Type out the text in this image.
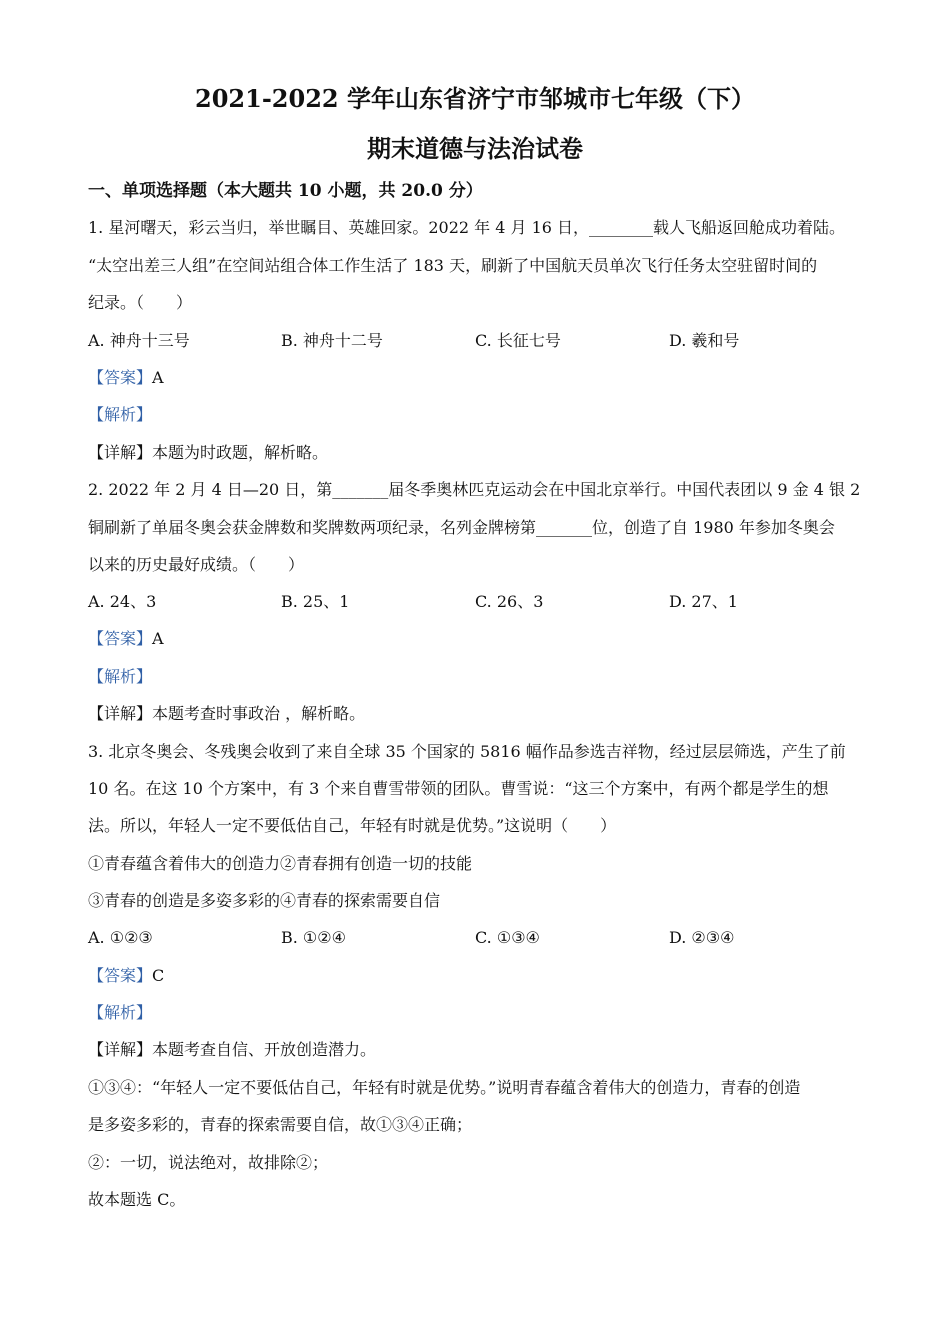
2021-2022 学年山东省济宁市邹城市七年级（下）
期末道德与法治试卷
一、单项选择题（本大题共 10 小题，共 20.0 分）
1. 星河曙天，彩云当归，举世瞩目、英雄回家。2022 年 4 月 16 日，________载人飞船返回舱成功着陆。
“太空出差三人组”在空间站组合体工作生活了 183 天，刷新了中国航天员单次飞行任务太空驻留时间的
纪录。（　　）
A. 神舟十三号	B. 神舟十二号	C. 长征七号	D. 羲和号
【答案】A
【解析】
【详解】本题为时政题，解析略。
2. 2022 年 2 月 4 日—20 日，第_______届冬季奥林匹克运动会在中国北京举行。中国代表团以 9 金 4 银 2
铜刷新了单届冬奥会获金牌数和奖牌数两项纪录，名列金牌榜第_______位，创造了自 1980 年参加冬奥会
以来的历史最好成绩。（　　）
A. 24、3	B. 25、1	C. 26、3	D. 27、1
【答案】A
【解析】
【详解】本题考查时事政治 ，解析略。
3. 北京冬奥会、冬残奥会收到了来自全球 35 个国家的 5816 幅作品参选吉祥物，经过层层筛选，产生了前
10 名。在这 10 个方案中，有 3 个来自曹雪带领的团队。曹雪说：“这三个方案中，有两个都是学生的想
法。所以，年轻人一定不要低估自己，年轻有时就是优势。”这说明（　　）
①青春蕴含着伟大的创造力②青春拥有创造一切的技能
③青春的创造是多姿多彩的④青春的探索需要自信
A. ①②③	B. ①②④	C. ①③④	D. ②③④
【答案】C
【解析】
【详解】本题考查自信、开放创造潜力。
①③④：“年轻人一定不要低估自己，年轻有时就是优势。”说明青春蕴含着伟大的创造力，青春的创造
是多姿多彩的，青春的探索需要自信，故①③④正确；
②：一切，说法绝对，故排除②；
故本题选 C。
